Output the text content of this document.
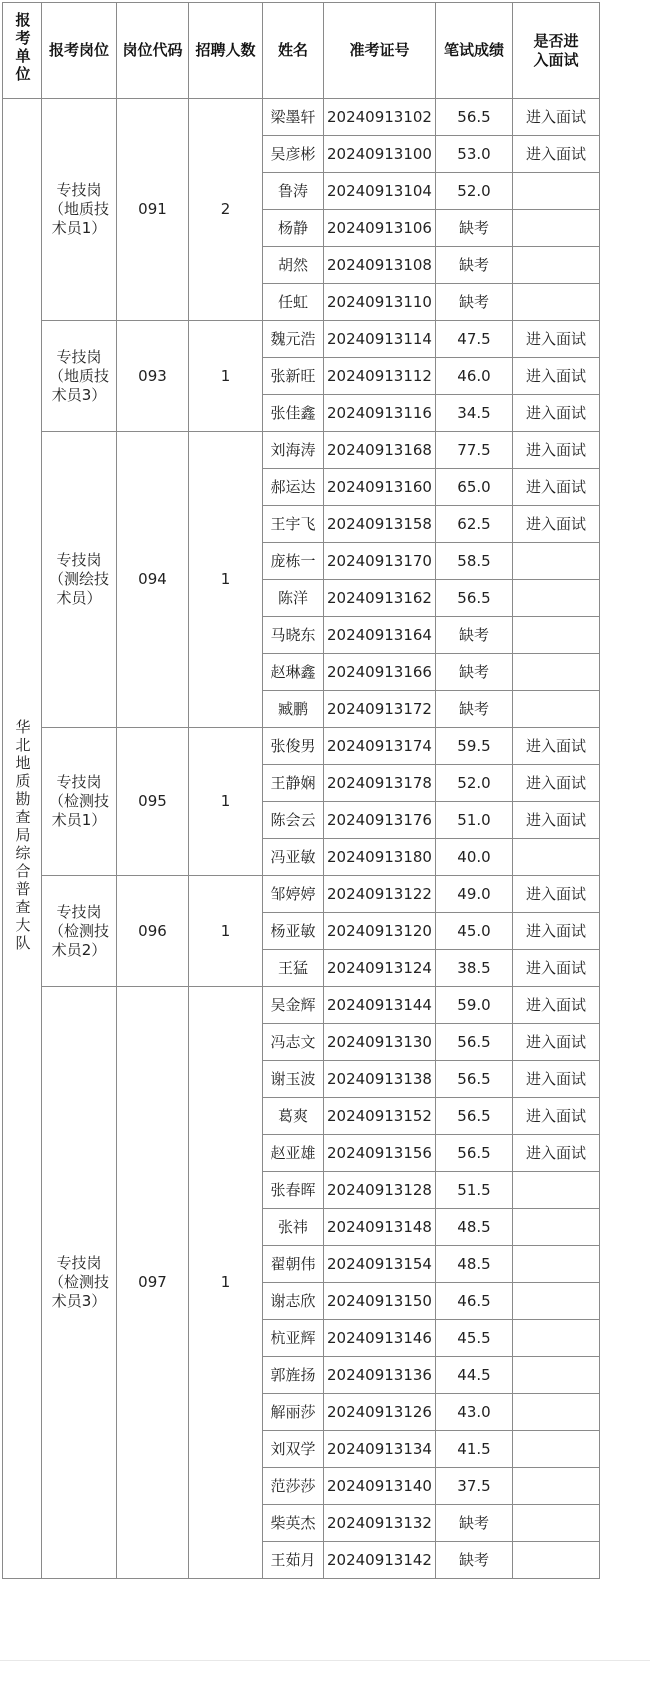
报考单位	报考岗位	岗位代码	招聘人数	姓名	准考证号	笔试成绩	是否进入面试
华北地质勘查局综合普查大队	专技岗（地质技术员1）	091	2	梁墨轩	20240913102	56.5	进入面试
				吴彦彬	20240913100	53.0	进入面试
				鲁涛	20240913104	52.0	
				杨静	20240913106	缺考	
				胡然	20240913108	缺考	
				任虹	20240913110	缺考	
	专技岗（地质技术员3）	093	1	魏元浩	20240913114	47.5	进入面试
				张新旺	20240913112	46.0	进入面试
				张佳鑫	20240913116	34.5	进入面试
	专技岗（测绘技术员）	094	1	刘海涛	20240913168	77.5	进入面试
				郝运达	20240913160	65.0	进入面试
				王宇飞	20240913158	62.5	进入面试
				庞栋一	20240913170	58.5	
				陈洋	20240913162	56.5	
				马晓东	20240913164	缺考	
				赵琳鑫	20240913166	缺考	
				臧鹏	20240913172	缺考	
	专技岗（检测技术员1）	095	1	张俊男	20240913174	59.5	进入面试
				王静娴	20240913178	52.0	进入面试
				陈会云	20240913176	51.0	进入面试
				冯亚敏	20240913180	40.0	
	专技岗（检测技术员2）	096	1	邹婷婷	20240913122	49.0	进入面试
				杨亚敏	20240913120	45.0	进入面试
				王猛	20240913124	38.5	进入面试
	专技岗（检测技术员3）	097	1	吴金辉	20240913144	59.0	进入面试
				冯志文	20240913130	56.5	进入面试
				谢玉波	20240913138	56.5	进入面试
				葛爽	20240913152	56.5	进入面试
				赵亚雄	20240913156	56.5	进入面试
				张春晖	20240913128	51.5	
				张祎	20240913148	48.5	
				翟朝伟	20240913154	48.5	
				谢志欣	20240913150	46.5	
				杭亚辉	20240913146	45.5	
				郭旌扬	20240913136	44.5	
				解丽莎	20240913126	43.0	
				刘双学	20240913134	41.5	
				范莎莎	20240913140	37.5	
				柴英杰	20240913132	缺考	
				王茹月	20240913142	缺考	
